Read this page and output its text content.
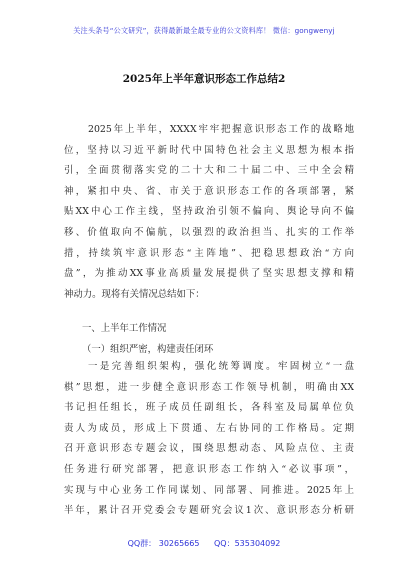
关注头条号“公文研究”，获得最新最全最专业的公文资料库！ 微信：gongwenyj
2025年上半年意识形态工作总结2
2025年上半年，XXXX牢牢把握意识形态工作的战略地
位，坚持以习近平新时代中国特色社会主义思想为根本指
引，全面贯彻落实党的二十大和二十届二中、三中全会精
神，紧扣中央、省、市关于意识形态工作的各项部署，紧
贴XX中心工作主线，坚持政治引领不偏向、舆论导向不偏
移、价值取向不偏航，以强烈的政治担当、扎实的工作举
措，持续筑牢意识形态“主阵地”、把稳思想政治“方向
盘”，为推动XX事业高质量发展提供了坚实思想支撑和精
神动力。现将有关情况总结如下：
一、上半年工作情况
（一）组织严密，构建责任闭环
一是完善组织架构，强化统筹调度。牢固树立“一盘
棋”思想，进一步健全意识形态工作领导机制，明确由XX
书记担任组长，班子成员任副组长，各科室及局属单位负
责人为成员，形成上下贯通、左右协同的工作格局。定期
召开意识形态专题会议，围绕思想动态、风险点位、主责
任务进行研究部署，把意识形态工作纳入“必议事项”，
实现与中心业务工作同谋划、同部署、同推进。2025年上
半年，累计召开党委会专题研究会议1次、意识形态分析研
QQ群： 30265665 QQ：535304092
